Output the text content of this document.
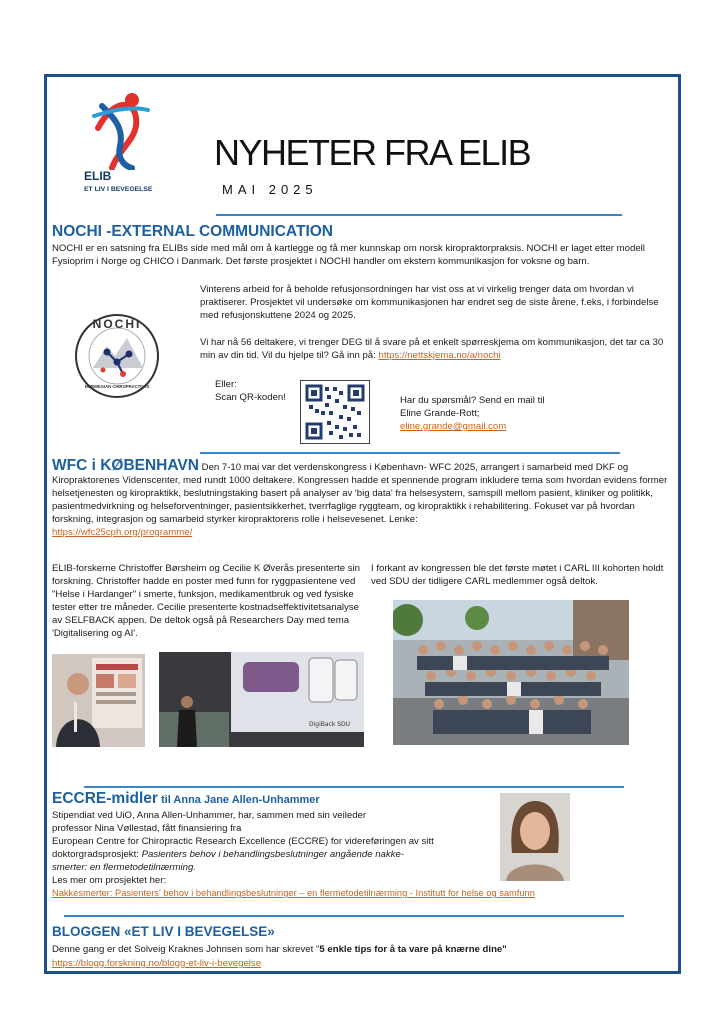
ELIB
ET LIV I BEVEGELSE
NYHETER FRA ELIB
MAI 2025
NOCHI -EXTERNAL COMMUNICATION
NOCHI er en satsning fra ELIBs side med mål om å kartlegge og få mer kunnskap om norsk kiropraktorpraksis. NOCHI er laget etter modell Fysioprim i Norge og CHICO i Danmark. Det første prosjektet i NOCHI handler om ekstern kommunikasjon for voksne og barn.
Vinterens arbeid for å beholde refusjonsordningen har vist oss at vi virkelig trenger data om hvordan vi praktiserer. Prosjektet vil undersøke om kommunikasjonen har endret seg de siste årene, f.eks, i forbindelse med refusjonskuttene 2024 og 2025.
Vi har nå 56 deltakere, vi trenger DEG til å svare på et enkelt spørreskjema om kommunikasjon, det tar ca 30 min av din tid. Vil du hjelpe til? Gå inn på: https://nettskjema.no/a/nochi
NOCHI
NORWEGIAN CHIROPRACTORS	Eller:
Scan QR-koden!	Har du spørsmål? Send en mail til
Eline Grande-Rott;
eline.grande@gmail.com
WFC i KØBENHAVN Den 7-10 mai var det verdenskongress i København- WFC 2025, arrangert i samarbeid med DKF og Kiropraktorenes Videnscenter, med rundt 1000 deltakere. Kongressen hadde et spennende program inkludere tema som hvordan evidens former helsetjenesten og kiropraktikk, beslutningstaking basert på analyser av 'big data' fra helsesystem, samspill mellom pasient, kliniker og politikk, pasientmedvirkning og helseforventninger, pasientsikkerhet, tverrfaglige ryggteam, og kiropraktikk i rehabilitering. Fokuset var på hvordan forskning, integrasjon og samarbeid styrker kiropraktorens rolle i helsevesenet. Lenke:
https://wfc25cph.org/programme/
ELIB-forskerne Christoffer Børsheim og Cecilie K Øverås presenterte sin forskning. Christoffer hadde en poster med funn for ryggpasientene ved "Helse i Hardanger" i smerte, funksjon, medikamentbruk og ved fysiske tester etter tre måneder. Cecilie presenterte kostnadseffektivitetsanalyse av SELFBACK appen. De deltok også på Researchers Day med tema 'Digitalisering og AI'.
I forkant av kongressen ble det første møtet i CARL III kohorten holdt ved SDU der tidligere CARL medlemmer også deltok.
DigiBack SDU
ECCRE-midler til Anna Jane Allen-Unhammer
Stipendiat ved UiO, Anna Allen-Unhammer, har, sammen med sin veileder
professor Nina Vøllestad, fått finansiering fra
European Centre for Chiropractic Research Excellence (ECCRE) for videreføringen av sitt
doktorgradsprosjekt: Pasienters behov i behandlingsbeslutninger angående nakke-
smerter: en flermetodetilnærming.
Les mer om prosjektet her:
Nakkesmerter: Pasienters' behov i behandlingsbeslutninger – en flermetodetilnærming - Institutt for helse og samfunn
BLOGGEN «ET LIV I BEVEGELSE»
Denne gang er det Solveig Kraknes Johnsen som har skrevet "5 enkle tips for å ta vare på knærne dine"
https://blogg.forskning.no/blogg-et-liv-i-bevegelse
